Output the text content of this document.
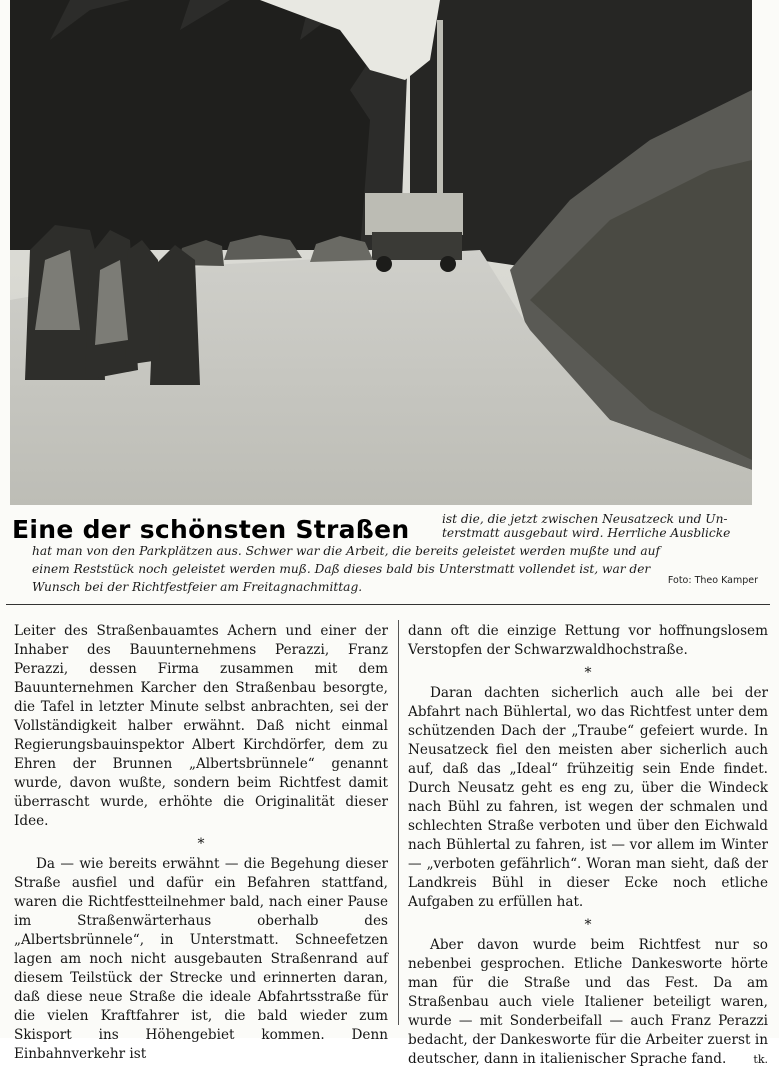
Eine der schönsten Straßen	ist die, die jetzt zwischen Neusatzeck und Un-
terstmatt ausgebaut wird. Herrliche Ausblicke
hat man von den Parkplätzen aus. Schwer war die Arbeit, die bereits geleistet werden mußte und auf
einem Reststück noch geleistet werden muß. Daß dieses bald bis Unterstmatt vollendet ist, war der
Wunsch bei der Richtfestfeier am Freitagnachmittag.	Foto: Theo Kamper

Leiter des Straßenbauamtes Achern und einer der Inhaber des Bauunternehmens Perazzi, Franz Perazzi, dessen Firma zusammen mit dem Bauunternehmen Karcher den Straßenbau besorgte, die Tafel in letzter Minute selbst anbrachten, sei der Vollständigkeit halber erwähnt. Daß nicht einmal Regierungsbauinspektor Albert Kirchdörfer, dem zu Ehren der Brunnen „Albertsbrünnele“ genannt wurde, davon wußte, sondern beim Richtfest damit überrascht wurde, erhöhte die Originalität dieser Idee.

*

Da — wie bereits erwähnt — die Begehung dieser Straße ausfiel und dafür ein Befahren stattfand, waren die Richtfestteilnehmer bald, nach einer Pause im Straßenwärterhaus oberhalb des „Albertsbrünnele“, in Unterstmatt. Schneefetzen lagen am noch nicht ausgebauten Straßenrand auf diesem Teilstück der Strecke und erinnerten daran, daß diese neue Straße die ideale Abfahrtsstraße für die vielen Kraftfahrer ist, die bald wieder zum Skisport ins Höhengebiet kommen. Denn Einbahnverkehr ist

dann oft die einzige Rettung vor hoffnungslosem Verstopfen der Schwarzwaldhochstraße.

*

Daran dachten sicherlich auch alle bei der Abfahrt nach Bühlertal, wo das Richtfest unter dem schützenden Dach der „Traube“ gefeiert wurde. In Neusatzeck fiel den meisten aber sicherlich auch auf, daß das „Ideal“ frühzeitig sein Ende findet. Durch Neusatz geht es eng zu, über die Windeck nach Bühl zu fahren, ist wegen der schmalen und schlechten Straße verboten und über den Eichwald nach Bühlertal zu fahren, ist — vor allem im Winter — „verboten gefährlich“. Woran man sieht, daß der Landkreis Bühl in dieser Ecke noch etliche Aufgaben zu erfüllen hat.

*

Aber davon wurde beim Richtfest nur so nebenbei gesprochen. Etliche Dankesworte hörte man für die Straße und das Fest. Da am Straßenbau auch viele Italiener beteiligt waren, wurde — mit Sonderbeifall — auch Franz Perazzi bedacht, der Dankesworte für die Arbeiter zuerst in deutscher, dann in italienischer Sprache fand.	tk.
